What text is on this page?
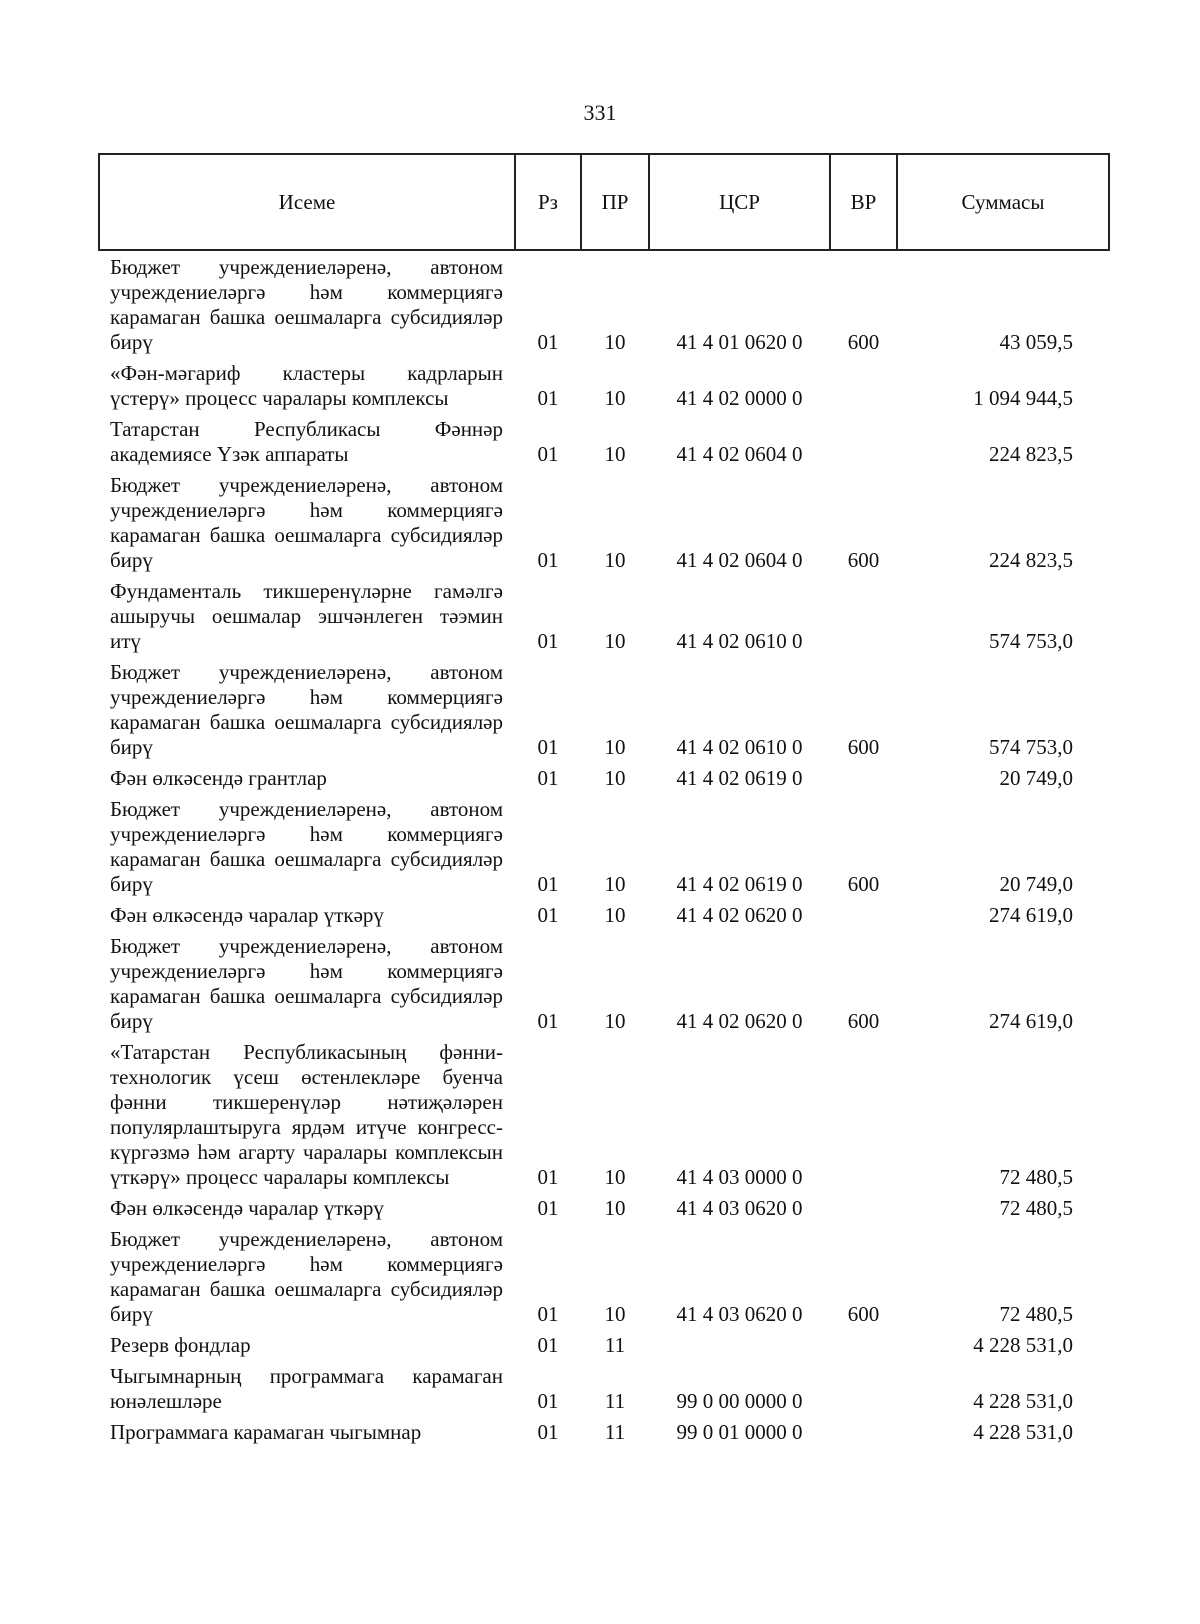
331
Исеме	Рз	ПР	ЦСР	ВР	Суммасы
Бюджет учреждениеләренә, автоном учреждениеләргә һәм коммерциягә карамаган башка оешмаларга субсидияләр бирү	01	10	41 4 01 0620 0	600	43 059,5
«Фән-мәгариф кластеры кадрларын үстерү» процесс чаралары комплексы	01	10	41 4 02 0000 0		1 094 944,5
Татарстан Республикасы Фәннәр академиясе Үзәк аппараты	01	10	41 4 02 0604 0		224 823,5
Бюджет учреждениеләренә, автоном учреждениеләргә һәм коммерциягә карамаган башка оешмаларга субсидияләр бирү	01	10	41 4 02 0604 0	600	224 823,5
Фундаменталь тикшеренүләрне гамәлгә ашыручы оешмалар эшчәнлеген тәэмин итү	01	10	41 4 02 0610 0		574 753,0
Бюджет учреждениеләренә, автоном учреждениеләргә һәм коммерциягә карамаган башка оешмаларга субсидияләр бирү	01	10	41 4 02 0610 0	600	574 753,0
Фән өлкәсендә грантлар	01	10	41 4 02 0619 0		20 749,0
Бюджет учреждениеләренә, автоном учреждениеләргә һәм коммерциягә карамаган башка оешмаларга субсидияләр бирү	01	10	41 4 02 0619 0	600	20 749,0
Фән өлкәсендә чаралар үткәрү	01	10	41 4 02 0620 0		274 619,0
Бюджет учреждениеләренә, автоном учреждениеләргә һәм коммерциягә карамаган башка оешмаларга субсидияләр бирү	01	10	41 4 02 0620 0	600	274 619,0
«Татарстан Республикасының фәнни-технологик үсеш өстенлекләре буенча фәнни тикшеренүләр нәтиҗәләрен популярлаштыруга ярдәм итүче конгресс-күргәзмә һәм агарту чаралары комплексын үткәрү» процесс чаралары комплексы	01	10	41 4 03 0000 0		72 480,5
Фән өлкәсендә чаралар үткәрү	01	10	41 4 03 0620 0		72 480,5
Бюджет учреждениеләренә, автоном учреждениеләргә һәм коммерциягә карамаган башка оешмаларга субсидияләр бирү	01	10	41 4 03 0620 0	600	72 480,5
Резерв фондлар	01	11			4 228 531,0
Чыгымнарның программага карамаган юнәлешләре	01	11	99 0 00 0000 0		4 228 531,0
Программага карамаган чыгымнар	01	11	99 0 01 0000 0		4 228 531,0
